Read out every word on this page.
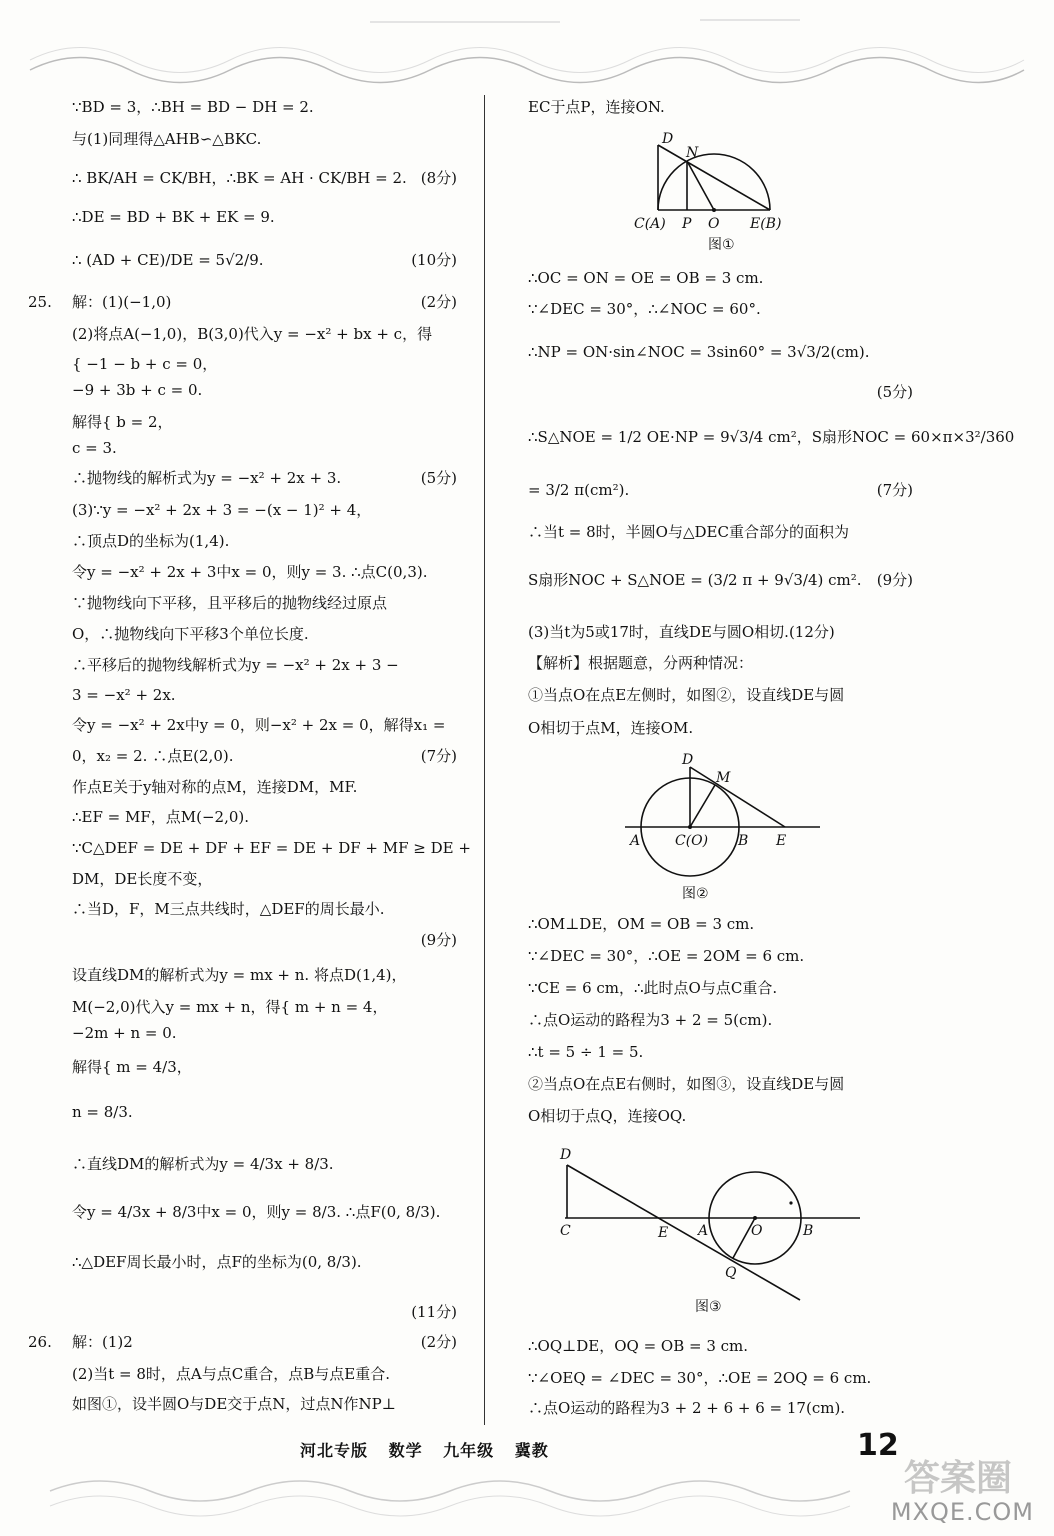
∵BD = 3，∴BH = BD − DH = 2.
与(1)同理得△AHB∽△BKC.
∴ BK/AH = CK/BH，∴BK = AH · CK/BH = 2. (8分)
∴DE = BD + BK + EK = 9.
∴ (AD + CE)/DE = 5√2/9.	(10分)
25. 解：(1)(−1,0)	(2分)
(2)将点A(−1,0)，B(3,0)代入y = −x² + bx + c，得
{ −1 − b + c = 0，
−9 + 3b + c = 0.
解得{ b = 2，
c = 3.
∴抛物线的解析式为y = −x² + 2x + 3.	(5分)
(3)∵y = −x² + 2x + 3 = −(x − 1)² + 4，
∴顶点D的坐标为(1,4).
令y = −x² + 2x + 3中x = 0，则y = 3. ∴点C(0,3).
∵抛物线向下平移，且平移后的抛物线经过原点
O，∴抛物线向下平移3个单位长度.
∴平移后的抛物线解析式为y = −x² + 2x + 3 −
3 = −x² + 2x.
令y = −x² + 2x中y = 0，则−x² + 2x = 0，解得x₁ =
0，x₂ = 2. ∴点E(2,0).	(7分)
作点E关于y轴对称的点M，连接DM，MF.
∴EF = MF，点M(−2,0).
∵C△DEF = DE + DF + EF = DE + DF + MF ≥ DE +
DM，DE长度不变，
∴当D，F，M三点共线时，△DEF的周长最小.
(9分)
设直线DM的解析式为y = mx + n. 将点D(1,4)，
M(−2,0)代入y = mx + n，得{ m + n = 4，
−2m + n = 0.
解得{ m = 4/3，
n = 8/3.
∴直线DM的解析式为y = 4/3x + 8/3.
令y = 4/3x + 8/3中x = 0，则y = 8/3. ∴点F(0, 8/3).
∴△DEF周长最小时，点F的坐标为(0, 8/3).
(11分)
26. 解：(1)2	(2分)
(2)当t = 8时，点A与点C重合，点B与点E重合.
如图①，设半圆O与DE交于点N，过点N作NP⊥
EC于点P，连接ON.
∴OC = ON = OE = OB = 3 cm.
∵∠DEC = 30°，∴∠NOC = 60°.
∴NP = ON·sin∠NOC = 3sin60° = 3√3/2(cm).
(5分)
∴S△NOE = 1/2 OE·NP = 9√3/4 cm²，S扇形NOC = 60×π×3²/360
= 3/2 π(cm²).	(7分)
∴当t = 8时，半圆O与△DEC重合部分的面积为
S扇形NOC + S△NOE = (3/2 π + 9√3/4) cm². (9分)
(3)当t为5或17时，直线DE与圆O相切.(12分)
【解析】根据题意，分两种情况：
①当点O在点E左侧时，如图②，设直线DE与圆
O相切于点M，连接OM.
∴OM⊥DE，OM = OB = 3 cm.
∵∠DEC = 30°，∴OE = 2OM = 6 cm.
∵CE = 6 cm，∴此时点O与点C重合.
∴点O运动的路程为3 + 2 = 5(cm).
∴t = 5 ÷ 1 = 5.
②当点O在点E右侧时，如图③，设直线DE与圆
O相切于点Q，连接OQ.
∴OQ⊥DE，OQ = OB = 3 cm.
∵∠OEQ = ∠DEC = 30°，∴OE = 2OQ = 6 cm.
∴点O运动的路程为3 + 2 + 6 + 6 = 17(cm).
D
N
C(A) P O E(B)
图①
D
M
A C(O) B E
图②
D
C	E A	O	B
Q
图③
河北专版 数学 九年级 冀教	12
答案圈
MXQE.COM
